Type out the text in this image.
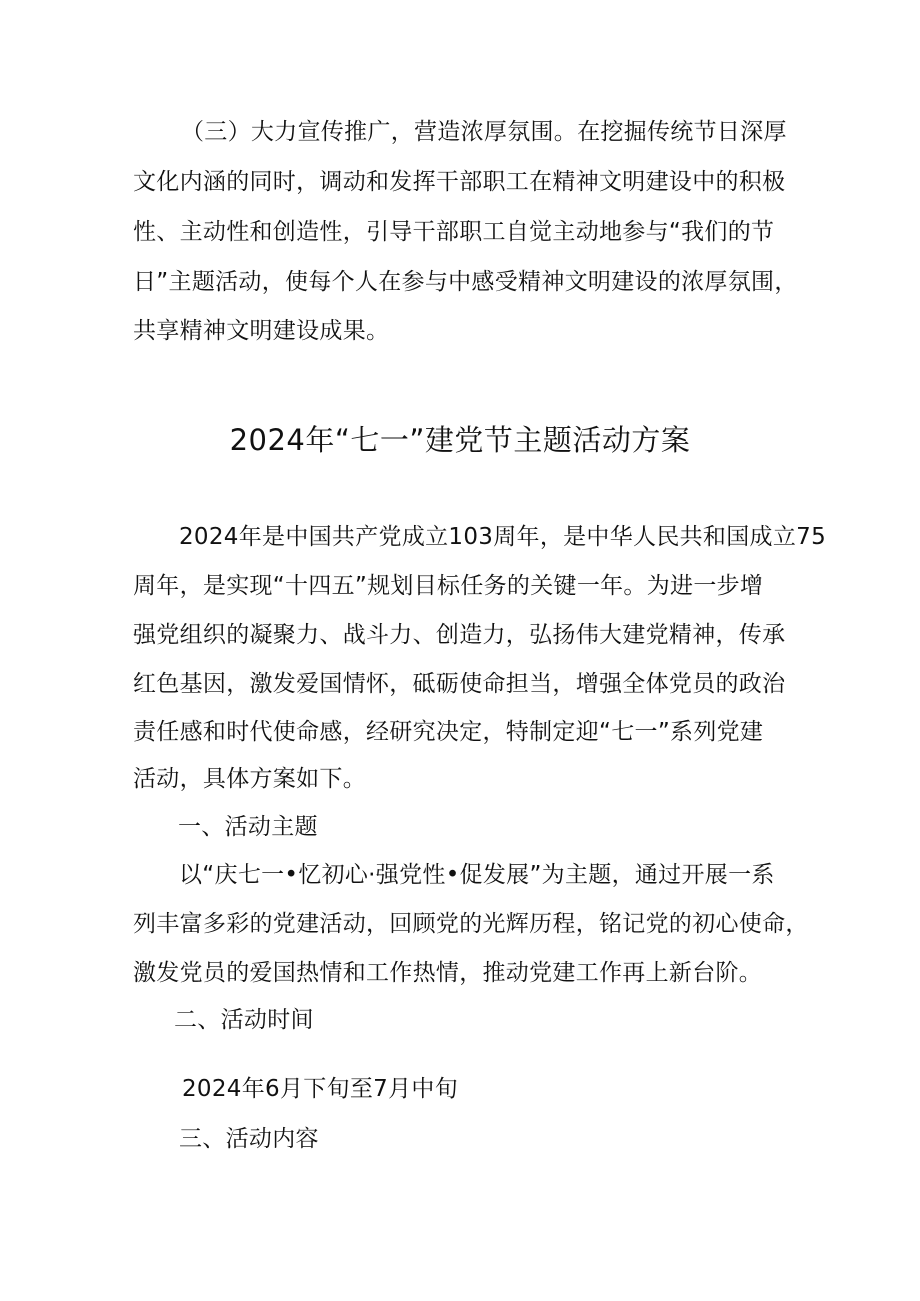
（三）大力宣传推广，营造浓厚氛围。在挖掘传统节日深厚
文化内涵的同时，调动和发挥干部职工在精神文明建设中的积极
性、主动性和创造性，引导干部职工自觉主动地参与“我们的节
日”主题活动，使每个人在参与中感受精神文明建设的浓厚氛围，
共享精神文明建设成果。
2024年“七一”建党节主题活动方案
2024年是中国共产党成立103周年，是中华人民共和国成立75
周年，是实现“十四五”规划目标任务的关键一年。为进一步增
强党组织的凝聚力、战斗力、创造力，弘扬伟大建党精神，传承
红色基因，激发爱国情怀，砥砺使命担当，增强全体党员的政治
责任感和时代使命感，经研究决定，特制定迎“七一”系列党建
活动，具体方案如下。
一、活动主题
以“庆七一•忆初心·强党性•促发展”为主题，通过开展一系
列丰富多彩的党建活动，回顾党的光辉历程，铭记党的初心使命，
激发党员的爱国热情和工作热情，推动党建工作再上新台阶。
二、活动时间
2024年6月下旬至7月中旬
三、活动内容
